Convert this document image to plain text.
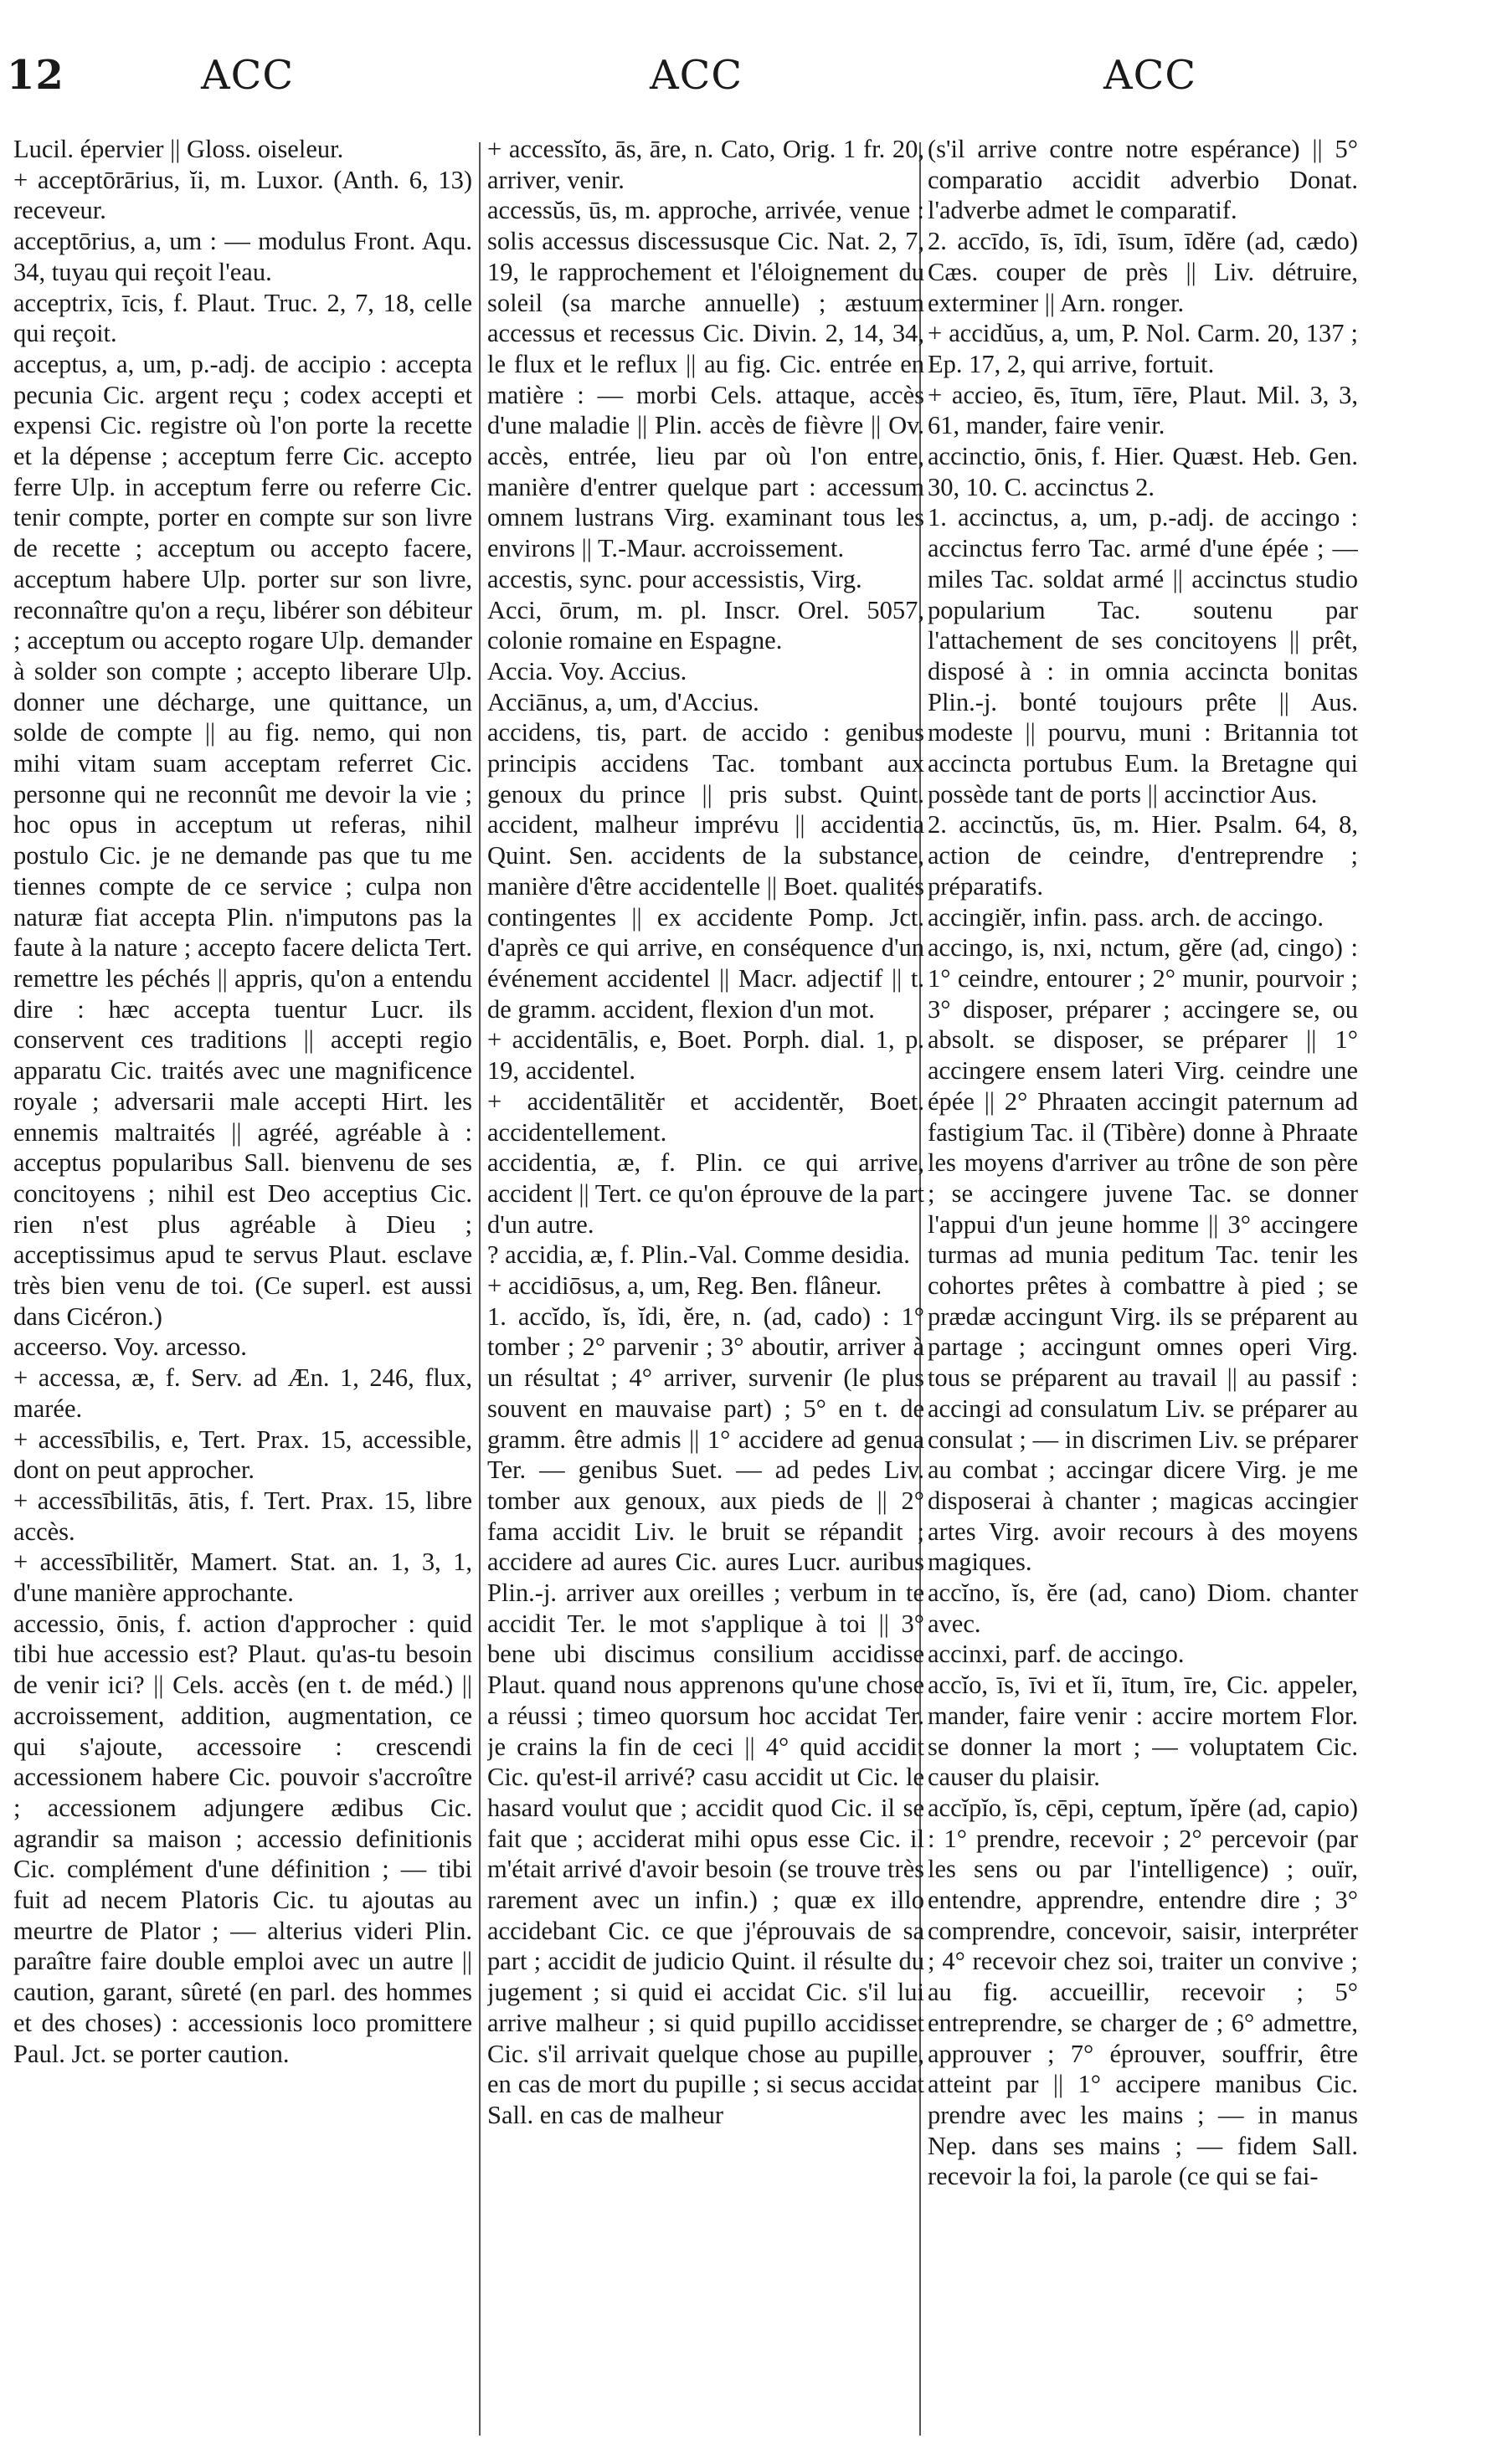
12	ACC	ACC	ACC

Lucil. épervier || Gloss. oiseleur.

+ acceptōrārius, ĭi, m. Luxor. (Anth. 6, 13) receveur.

acceptōrius, a, um : — modulus Front. Aqu. 34, tuyau qui reçoit l'eau.

acceptrix, īcis, f. Plaut. Truc. 2, 7, 18, celle qui reçoit.

acceptus, a, um, p.-adj. de accipio : accepta pecunia Cic. argent reçu ; codex accepti et expensi Cic. registre où l'on porte la recette et la dépense ; acceptum ferre Cic. accepto ferre Ulp. in acceptum ferre ou referre Cic. tenir compte, porter en compte sur son livre de recette ; acceptum ou accepto facere, acceptum habere Ulp. porter sur son livre, reconnaître qu'on a reçu, libérer son débiteur ; acceptum ou accepto rogare Ulp. demander à solder son compte ; accepto liberare Ulp. donner une décharge, une quittance, un solde de compte || au fig. nemo, qui non mihi vitam suam acceptam referret Cic. personne qui ne reconnût me devoir la vie ; hoc opus in acceptum ut referas, nihil postulo Cic. je ne demande pas que tu me tiennes compte de ce service ; culpa non naturæ fiat accepta Plin. n'imputons pas la faute à la nature ; accepto facere delicta Tert. remettre les péchés || appris, qu'on a entendu dire : hæc accepta tuentur Lucr. ils conservent ces traditions || accepti regio apparatu Cic. traités avec une magnificence royale ; adversarii male accepti Hirt. les ennemis maltraités || agréé, agréable à : acceptus popularibus Sall. bienvenu de ses concitoyens ; nihil est Deo acceptius Cic. rien n'est plus agréable à Dieu ; acceptissimus apud te servus Plaut. esclave très bien venu de toi. (Ce superl. est aussi dans Cicéron.)

acceerso. Voy. arcesso.

+ accessa, æ, f. Serv. ad Æn. 1, 246, flux, marée.

+ accessībilis, e, Tert. Prax. 15, accessible, dont on peut approcher.

+ accessībilitās, ātis, f. Tert. Prax. 15, libre accès.

+ accessībilitĕr, Mamert. Stat. an. 1, 3, 1, d'une manière approchante.

accessio, ōnis, f. action d'approcher : quid tibi hue accessio est? Plaut. qu'as-tu besoin de venir ici? || Cels. accès (en t. de méd.) || accroissement, addition, augmentation, ce qui s'ajoute, accessoire : crescendi accessionem habere Cic. pouvoir s'accroître ; accessionem adjungere ædibus Cic. agrandir sa maison ; accessio definitionis Cic. complément d'une définition ; — tibi fuit ad necem Platoris Cic. tu ajoutas au meurtre de Plator ; — alterius videri Plin. paraître faire double emploi avec un autre || caution, garant, sûreté (en parl. des hommes et des choses) : accessionis loco promittere Paul. Jct. se porter caution.

+ accessĭto, ās, āre, n. Cato, Orig. 1 fr. 20, arriver, venir.

accessŭs, ūs, m. approche, arrivée, venue : solis accessus discessusque Cic. Nat. 2, 7, 19, le rapprochement et l'éloignement du soleil (sa marche annuelle) ; æstuum accessus et recessus Cic. Divin. 2, 14, 34, le flux et le reflux || au fig. Cic. entrée en matière : — morbi Cels. attaque, accès d'une maladie || Plin. accès de fièvre || Ov. accès, entrée, lieu par où l'on entre, manière d'entrer quelque part : accessum omnem lustrans Virg. examinant tous les environs || T.-Maur. accroissement.

accestis, sync. pour accessistis, Virg.

Acci, ōrum, m. pl. Inscr. Orel. 5057, colonie romaine en Espagne.

Accia. Voy. Accius.

Acciānus, a, um, d'Accius.

accidens, tis, part. de accido : genibus principis accidens Tac. tombant aux genoux du prince || pris subst. Quint. accident, malheur imprévu || accidentia Quint. Sen. accidents de la substance, manière d'être accidentelle || Boet. qualités contingentes || ex accidente Pomp. Jct. d'après ce qui arrive, en conséquence d'un événement accidentel || Macr. adjectif || t. de gramm. accident, flexion d'un mot.

+ accidentālis, e, Boet. Porph. dial. 1, p. 19, accidentel.

+ accidentālitĕr et accidentĕr, Boet. accidentellement.

accidentia, æ, f. Plin. ce qui arrive, accident || Tert. ce qu'on éprouve de la part d'un autre.

? accidia, æ, f. Plin.-Val. Comme desidia.

+ accidiōsus, a, um, Reg. Ben. flâneur.

1. accĭdo, ĭs, ĭdi, ĕre, n. (ad, cado) : 1° tomber ; 2° parvenir ; 3° aboutir, arriver à un résultat ; 4° arriver, survenir (le plus souvent en mauvaise part) ; 5° en t. de gramm. être admis || 1° accidere ad genua Ter. — genibus Suet. — ad pedes Liv. tomber aux genoux, aux pieds de || 2° fama accidit Liv. le bruit se répandit ; accidere ad aures Cic. aures Lucr. auribus Plin.-j. arriver aux oreilles ; verbum in te accidit Ter. le mot s'applique à toi || 3° bene ubi discimus consilium accidisse Plaut. quand nous apprenons qu'une chose a réussi ; timeo quorsum hoc accidat Ter. je crains la fin de ceci || 4° quid accidit Cic. qu'est-il arrivé? casu accidit ut Cic. le hasard voulut que ; accidit quod Cic. il se fait que ; acciderat mihi opus esse Cic. il m'était arrivé d'avoir besoin (se trouve très rarement avec un infin.) ; quæ ex illo accidebant Cic. ce que j'éprouvais de sa part ; accidit de judicio Quint. il résulte du jugement ; si quid ei accidat Cic. s'il lui arrive malheur ; si quid pupillo accidisset Cic. s'il arrivait quelque chose au pupille, en cas de mort du pupille ; si secus accidat Sall. en cas de malheur

(s'il arrive contre notre espérance) || 5° comparatio accidit adverbio Donat. l'adverbe admet le comparatif.

2. accīdo, īs, īdi, īsum, īdĕre (ad, cædo) Cæs. couper de près || Liv. détruire, exterminer || Arn. ronger.

+ accidŭus, a, um, P. Nol. Carm. 20, 137 ; Ep. 17, 2, qui arrive, fortuit.

+ accieo, ēs, ītum, īēre, Plaut. Mil. 3, 3, 61, mander, faire venir.

accinctio, ōnis, f. Hier. Quæst. Heb. Gen. 30, 10. C. accinctus 2.

1. accinctus, a, um, p.-adj. de accingo : accinctus ferro Tac. armé d'une épée ; — miles Tac. soldat armé || accinctus studio popularium Tac. soutenu par l'attachement de ses concitoyens || prêt, disposé à : in omnia accincta bonitas Plin.-j. bonté toujours prête || Aus. modeste || pourvu, muni : Britannia tot accincta portubus Eum. la Bretagne qui possède tant de ports || accinctior Aus.

2. accinctŭs, ūs, m. Hier. Psalm. 64, 8, action de ceindre, d'entreprendre ; préparatifs.

accingiĕr, infin. pass. arch. de accingo.

accingo, is, nxi, nctum, gĕre (ad, cingo) : 1° ceindre, entourer ; 2° munir, pourvoir ; 3° disposer, préparer ; accingere se, ou absolt. se disposer, se préparer || 1° accingere ensem lateri Virg. ceindre une épée || 2° Phraaten accingit paternum ad fastigium Tac. il (Tibère) donne à Phraate les moyens d'arriver au trône de son père ; se accingere juvene Tac. se donner l'appui d'un jeune homme || 3° accingere turmas ad munia peditum Tac. tenir les cohortes prêtes à combattre à pied ; se prædæ accingunt Virg. ils se préparent au partage ; accingunt omnes operi Virg. tous se préparent au travail || au passif : accingi ad consulatum Liv. se préparer au consulat ; — in discrimen Liv. se préparer au combat ; accingar dicere Virg. je me disposerai à chanter ; magicas accingier artes Virg. avoir recours à des moyens magiques.

accĭno, ĭs, ĕre (ad, cano) Diom. chanter avec.

accinxi, parf. de accingo.

accĭo, īs, īvi et ĭi, ītum, īre, Cic. appeler, mander, faire venir : accire mortem Flor. se donner la mort ; — voluptatem Cic. causer du plaisir.

accĭpĭo, ĭs, cēpi, ceptum, ĭpĕre (ad, capio) : 1° prendre, recevoir ; 2° percevoir (par les sens ou par l'intelligence) ; ouïr, entendre, apprendre, entendre dire ; 3° comprendre, concevoir, saisir, interpréter ; 4° recevoir chez soi, traiter un convive ; au fig. accueillir, recevoir ; 5° entreprendre, se charger de ; 6° admettre, approuver ; 7° éprouver, souffrir, être atteint par || 1° accipere manibus Cic. prendre avec les mains ; — in manus Nep. dans ses mains ; — fidem Sall. recevoir la foi, la parole (ce qui se fai-
